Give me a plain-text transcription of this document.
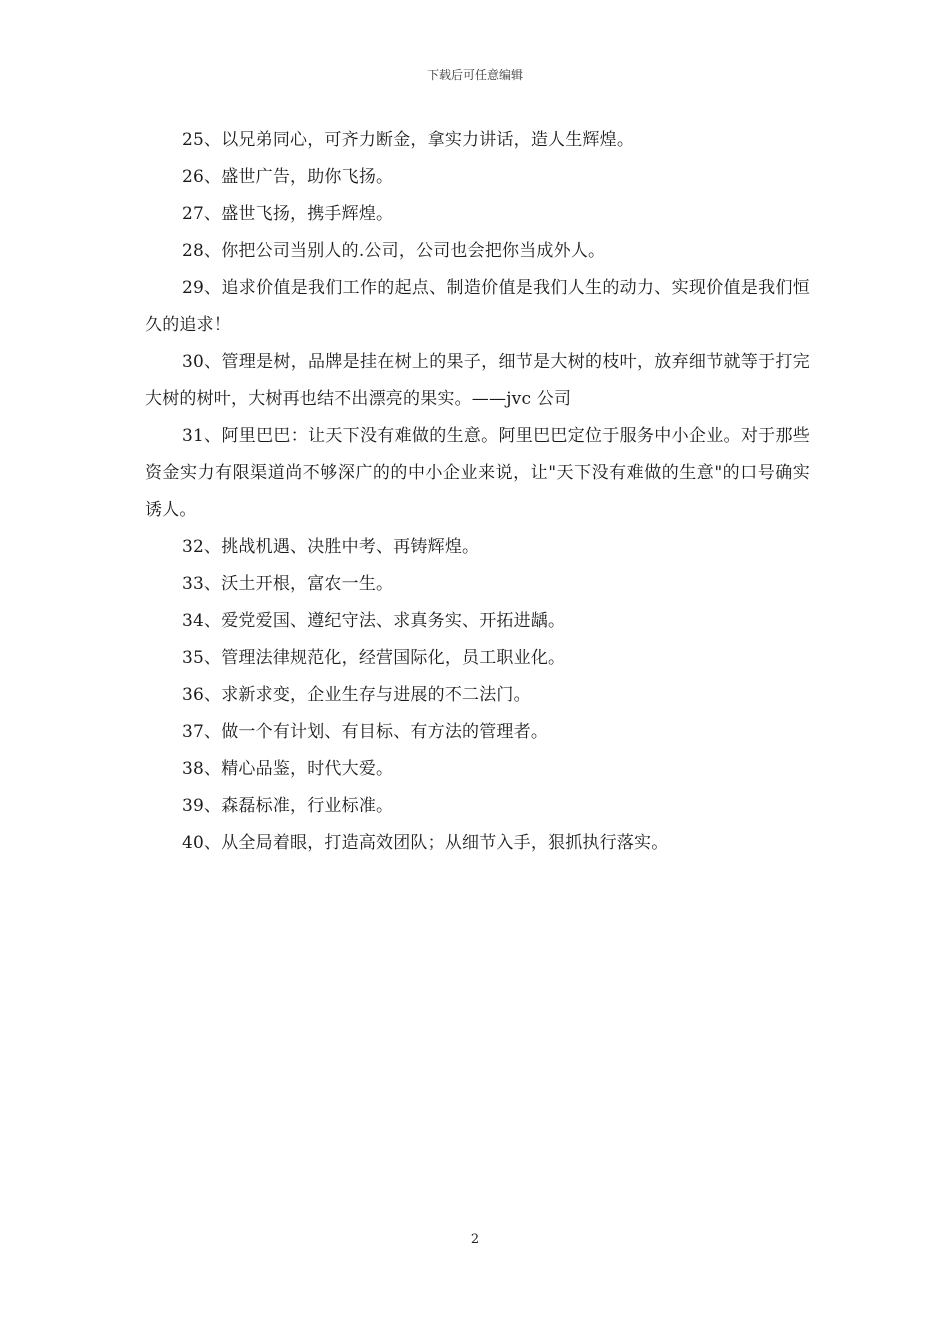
下载后可任意编辑

25、以兄弟同心，可齐力断金，拿实力讲话，造人生辉煌。

26、盛世广告，助你飞扬。

27、盛世飞扬，携手辉煌。

28、你把公司当别人的.公司，公司也会把你当成外人。

29、追求价值是我们工作的起点、制造价值是我们人生的动力、实现价值是我们恒久的追求！

30、管理是树，品牌是挂在树上的果子，细节是大树的枝叶，放弃细节就等于打完大树的树叶，大树再也结不出漂亮的果实。——jvc 公司

31、阿里巴巴：让天下没有难做的生意。阿里巴巴定位于服务中小企业。对于那些资金实力有限渠道尚不够深广的的中小企业来说，让"天下没有难做的生意"的口号确实诱人。

32、挑战机遇、决胜中考、再铸辉煌。

33、沃土开根，富农一生。

34、爱党爱国、遵纪守法、求真务实、开拓进龋。

35、管理法律规范化，经营国际化，员工职业化。

36、求新求变，企业生存与进展的不二法门。

37、做一个有计划、有目标、有方法的管理者。

38、精心品鉴，时代大爱。

39、森磊标准，行业标准。

40、从全局着眼，打造高效团队；从细节入手，狠抓执行落实。

2
